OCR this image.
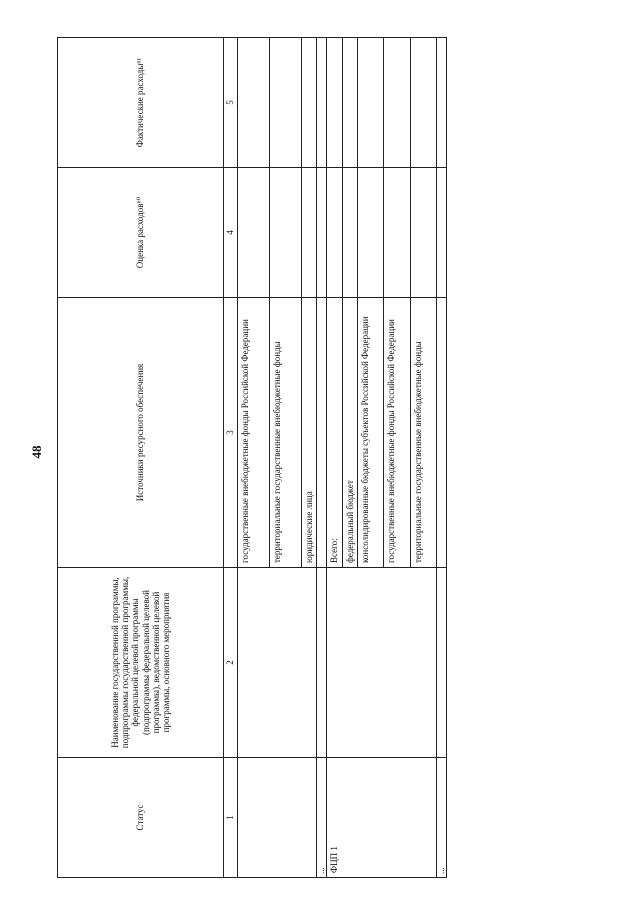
48
Статус	Наименование государственной программы, подпрограммы государственной программы, федеральной целевой программы (подпрограммы федеральной целевой программы), ведомственной целевой программы, основного мероприятия	Источники ресурсного обеспечения	Оценка расходов⁶⁰	Фактические расходы⁶¹
1	2	3	4	5
		государственные внебюджетные фонды Российской Федерации		
		территориальные государственные внебюджетные фонды		
		юридические лица		
...				
ФЦП 1		Всего:		
		федеральный бюджет		
		консолидированные бюджеты субъектов Российской Федерации		
		государственные внебюджетные фонды Российской Федерации		
		территориальные государственные внебюджетные фонды		
...				
